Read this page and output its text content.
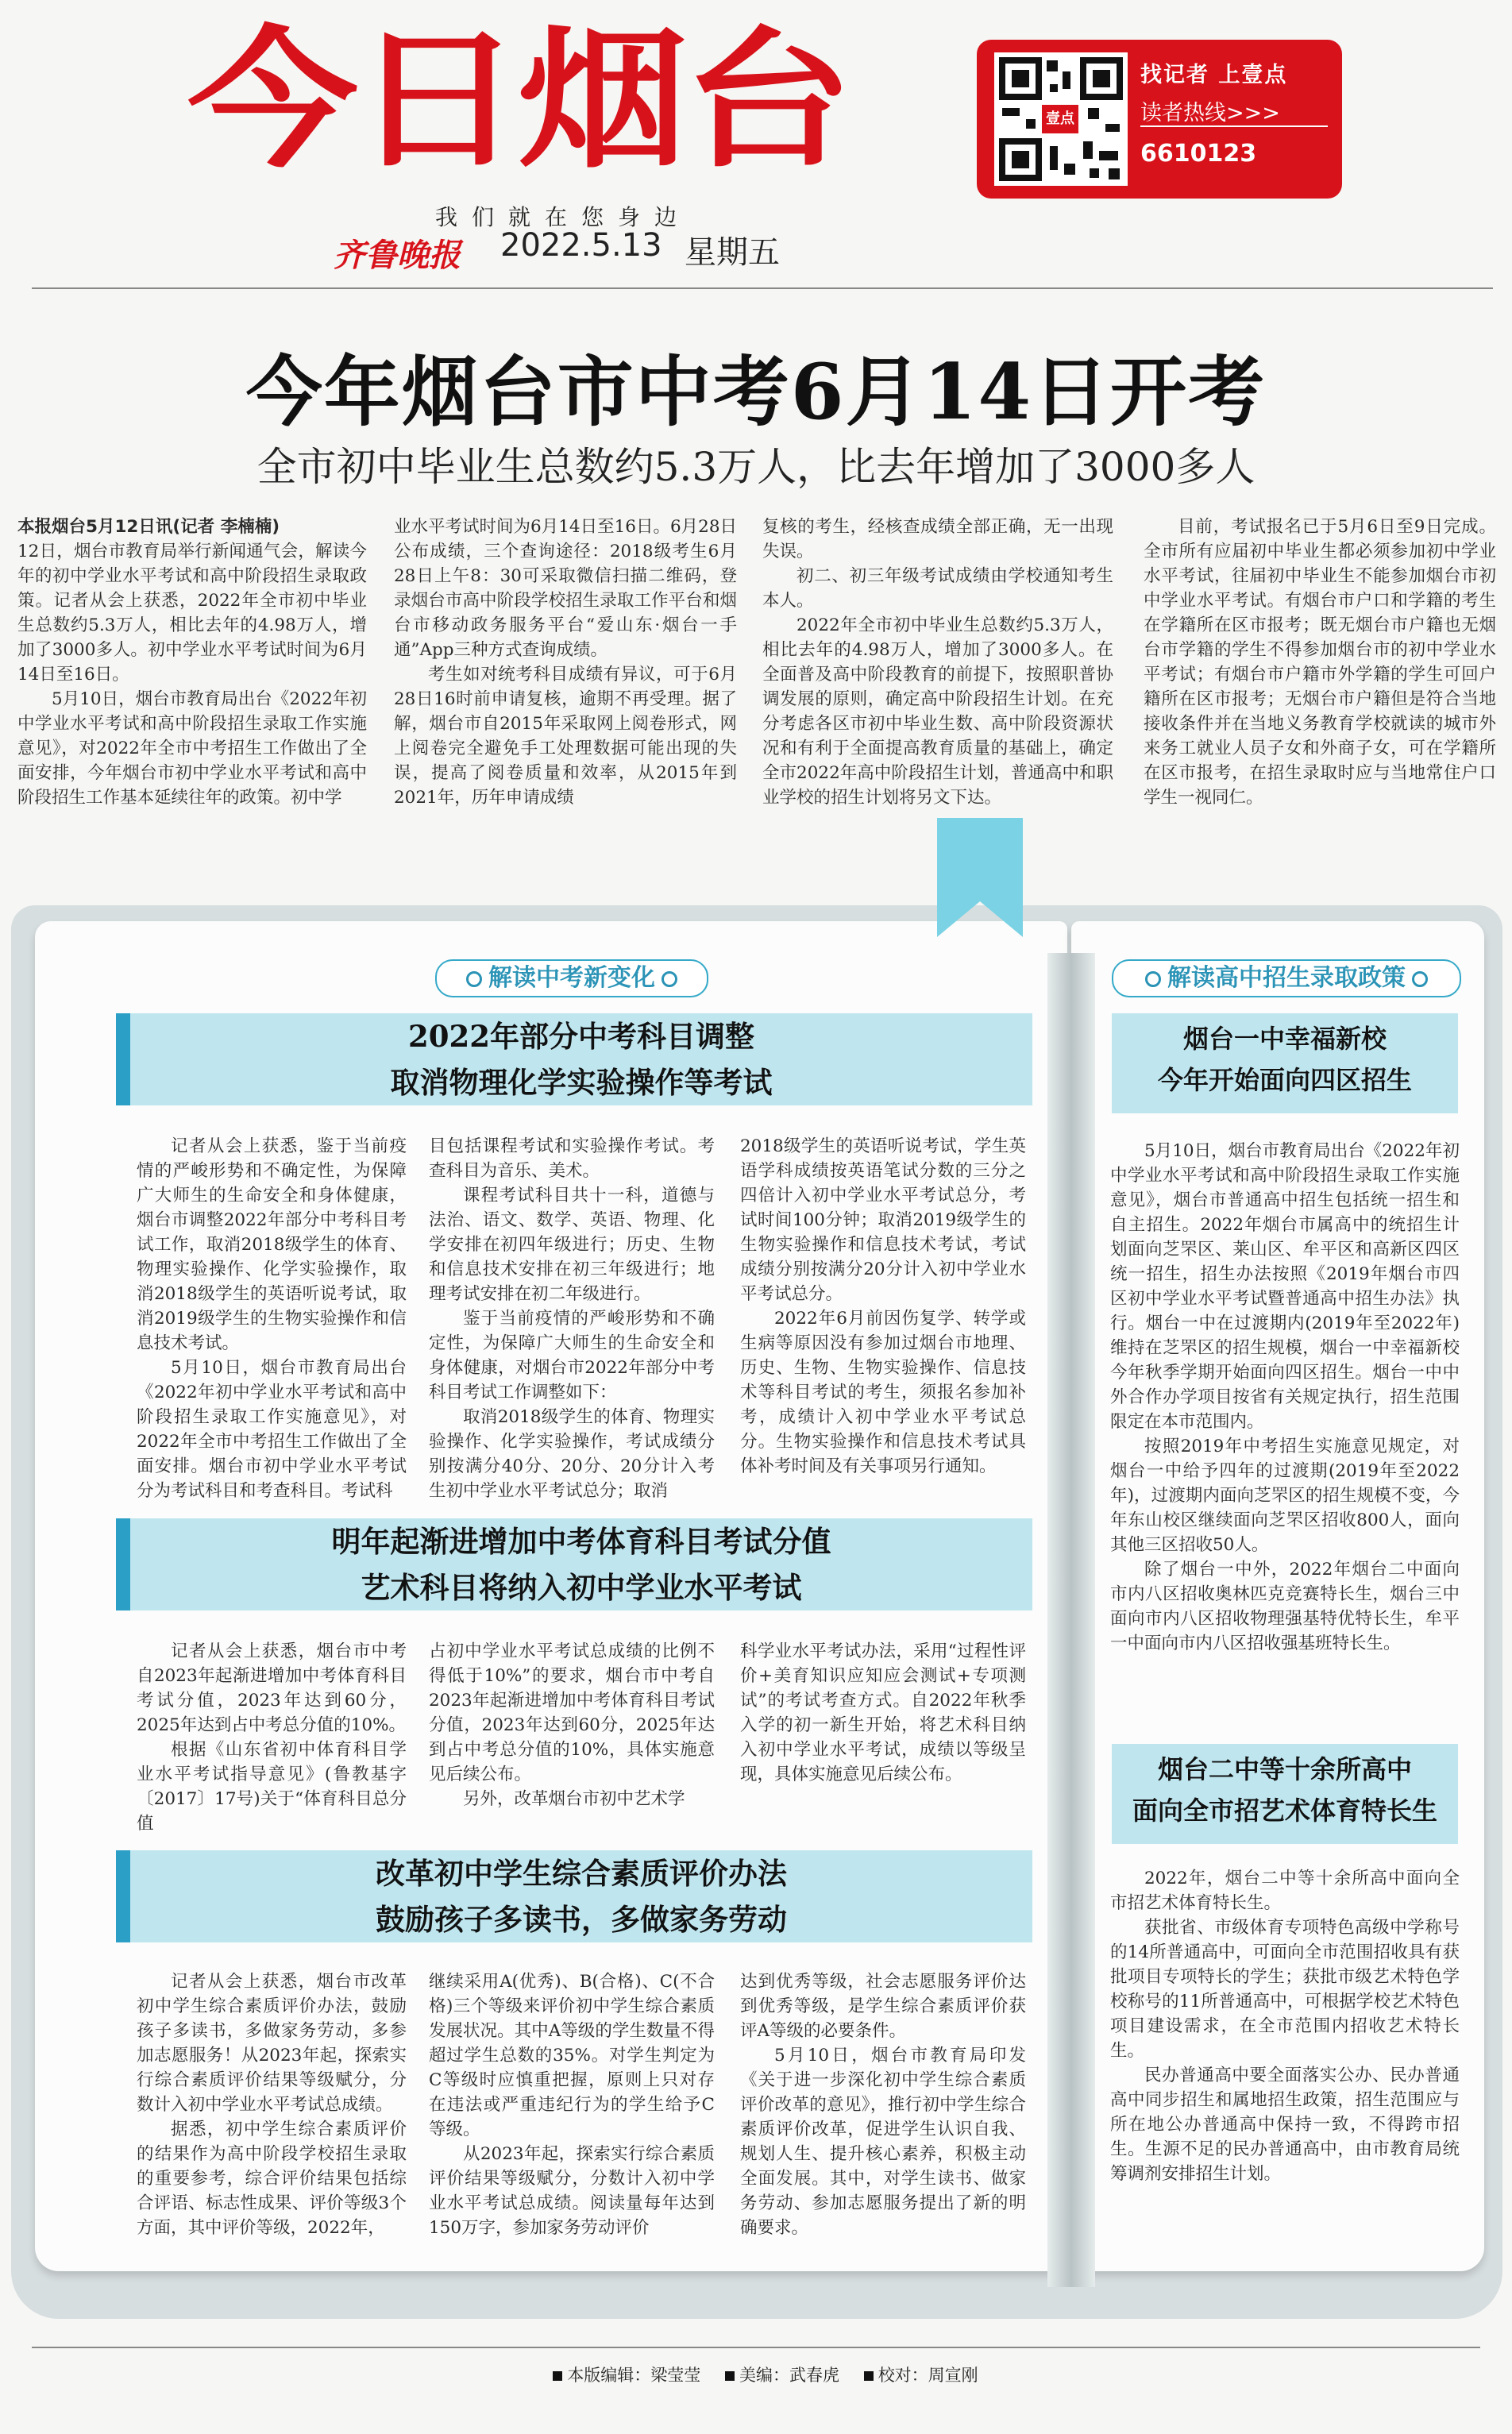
今日烟台
我们就在您身边
齐鲁晚报 2022.5.13 星期五
壹点
找记者 上壹点
读者热线>>>
6610123
今年烟台市中考6月14日开考
全市初中毕业生总数约5.3万人，比去年增加了3000多人

本报烟台5月12日讯(记者 李楠楠)

12日，烟台市教育局举行新闻通气会，解读今年的初中学业水平考试和高中阶段招生录取政策。记者从会上获悉，2022年全市初中毕业生总数约5.3万人，相比去年的4.98万人，增加了3000多人。初中学业水平考试时间为6月14日至16日。

5月10日，烟台市教育局出台《2022年初中学业水平考试和高中阶段招生录取工作实施意见》，对2022年全市中考招生工作做出了全面安排，今年烟台市初中学业水平考试和高中阶段招生工作基本延续往年的政策。初中学

业水平考试时间为6月14日至16日。6月28日公布成绩，三个查询途径：2018级考生6月28日上午8：30可采取微信扫描二维码，登录烟台市高中阶段学校招生录取工作平台和烟台市移动政务服务平台“爱山东·烟台一手通”App三种方式查询成绩。

考生如对统考科目成绩有异议，可于6月28日16时前申请复核，逾期不再受理。据了解，烟台市自2015年采取网上阅卷形式，网上阅卷完全避免手工处理数据可能出现的失误，提高了阅卷质量和效率，从2015年到2021年，历年申请成绩

复核的考生，经核查成绩全部正确，无一出现失误。

初二、初三年级考试成绩由学校通知考生本人。

2022年全市初中毕业生总数约5.3万人，相比去年的4.98万人，增加了3000多人。在全面普及高中阶段教育的前提下，按照职普协调发展的原则，确定高中阶段招生计划。在充分考虑各区市初中毕业生数、高中阶段资源状况和有利于全面提高教育质量的基础上，确定全市2022年高中阶段招生计划，普通高中和职业学校的招生计划将另文下达。

目前，考试报名已于5月6日至9日完成。全市所有应届初中毕业生都必须参加初中学业水平考试，往届初中毕业生不能参加烟台市初中学业水平考试。有烟台市户口和学籍的考生在学籍所在区市报考；既无烟台市户籍也无烟台市学籍的学生不得参加烟台市的初中学业水平考试；有烟台市户籍市外学籍的学生可回户籍所在区市报考；无烟台市户籍但是符合当地接收条件并在当地义务教育学校就读的城市外来务工就业人员子女和外商子女，可在学籍所在区市报考，在招生录取时应与当地常住户口学生一视同仁。

解读中考新变化
2022年部分中考科目调整
取消物理化学实验操作等考试

记者从会上获悉，鉴于当前疫情的严峻形势和不确定性，为保障广大师生的生命安全和身体健康，烟台市调整2022年部分中考科目考试工作，取消2018级学生的体育、物理实验操作、化学实验操作，取消2018级学生的英语听说考试，取消2019级学生的生物实验操作和信息技术考试。

5月10日，烟台市教育局出台《2022年初中学业水平考试和高中阶段招生录取工作实施意见》，对2022年全市中考招生工作做出了全面安排。烟台市初中学业水平考试分为考试科目和考查科目。考试科

目包括课程考试和实验操作考试。考查科目为音乐、美术。

课程考试科目共十一科，道德与法治、语文、数学、英语、物理、化学安排在初四年级进行；历史、生物和信息技术安排在初三年级进行；地理考试安排在初二年级进行。

鉴于当前疫情的严峻形势和不确定性，为保障广大师生的生命安全和身体健康，对烟台市2022年部分中考科目考试工作调整如下：

取消2018级学生的体育、物理实验操作、化学实验操作，考试成绩分别按满分40分、20分、20分计入考生初中学业水平考试总分；取消

2018级学生的英语听说考试，学生英语学科成绩按英语笔试分数的三分之四倍计入初中学业水平考试总分，考试时间100分钟；取消2019级学生的生物实验操作和信息技术考试，考试成绩分别按满分20分计入初中学业水平考试总分。

2022年6月前因伤复学、转学或生病等原因没有参加过烟台市地理、历史、生物、生物实验操作、信息技术等科目考试的考生，须报名参加补考，成绩计入初中学业水平考试总分。生物实验操作和信息技术考试具体补考时间及有关事项另行通知。

明年起渐进增加中考体育科目考试分值
艺术科目将纳入初中学业水平考试

记者从会上获悉，烟台市中考自2023年起渐进增加中考体育科目考试分值，2023年达到60分，2025年达到占中考总分值的10%。

根据《山东省初中体育科目学业水平考试指导意见》(鲁教基字〔2017〕17号)关于“体育科目总分值

占初中学业水平考试总成绩的比例不得低于10%”的要求，烟台市中考自2023年起渐进增加中考体育科目考试分值，2023年达到60分，2025年达到占中考总分值的10%，具体实施意见后续公布。

另外，改革烟台市初中艺术学

科学业水平考试办法，采用“过程性评价+美育知识应知应会测试+专项测试”的考试考查方式。自2022年秋季入学的初一新生开始，将艺术科目纳入初中学业水平考试，成绩以等级呈现，具体实施意见后续公布。

改革初中学生综合素质评价办法
鼓励孩子多读书，多做家务劳动

记者从会上获悉，烟台市改革初中学生综合素质评价办法，鼓励孩子多读书，多做家务劳动，多参加志愿服务！从2023年起，探索实行综合素质评价结果等级赋分，分数计入初中学业水平考试总成绩。

据悉，初中学生综合素质评价的结果作为高中阶段学校招生录取的重要参考，综合评价结果包括综合评语、标志性成果、评价等级3个方面，其中评价等级，2022年，

继续采用A(优秀)、B(合格)、C(不合格)三个等级来评价初中学生综合素质发展状况。其中A等级的学生数量不得超过学生总数的35%。对学生判定为C等级时应慎重把握，原则上只对存在违法或严重违纪行为的学生给予C等级。

从2023年起，探索实行综合素质评价结果等级赋分，分数计入初中学业水平考试总成绩。阅读量每年达到150万字，参加家务劳动评价

达到优秀等级，社会志愿服务评价达到优秀等级，是学生综合素质评价获评A等级的必要条件。

5月10日，烟台市教育局印发《关于进一步深化初中学生综合素质评价改革的意见》，推行初中学生综合素质评价改革，促进学生认识自我、规划人生、提升核心素养，积极主动全面发展。其中，对学生读书、做家务劳动、参加志愿服务提出了新的明确要求。

解读高中招生录取政策
烟台一中幸福新校
今年开始面向四区招生

5月10日，烟台市教育局出台《2022年初中学业水平考试和高中阶段招生录取工作实施意见》，烟台市普通高中招生包括统一招生和自主招生。2022年烟台市属高中的统招生计划面向芝罘区、莱山区、牟平区和高新区四区统一招生，招生办法按照《2019年烟台市四区初中学业水平考试暨普通高中招生办法》执行。烟台一中在过渡期内(2019年至2022年)维持在芝罘区的招生规模，烟台一中幸福新校今年秋季学期开始面向四区招生。烟台一中中外合作办学项目按省有关规定执行，招生范围限定在本市范围内。

按照2019年中考招生实施意见规定，对烟台一中给予四年的过渡期(2019年至2022年)，过渡期内面向芝罘区的招生规模不变，今年东山校区继续面向芝罘区招收800人，面向其他三区招收50人。

除了烟台一中外，2022年烟台二中面向市内八区招收奥林匹克竞赛特长生，烟台三中面向市内八区招收物理强基特优特长生，牟平一中面向市内八区招收强基班特长生。

烟台二中等十余所高中
面向全市招艺术体育特长生

2022年，烟台二中等十余所高中面向全市招艺术体育特长生。

获批省、市级体育专项特色高级中学称号的14所普通高中，可面向全市范围招收具有获批项目专项特长的学生；获批市级艺术特色学校称号的11所普通高中，可根据学校艺术特色项目建设需求，在全市范围内招收艺术特长生。

民办普通高中要全面落实公办、民办普通高中同步招生和属地招生政策，招生范围应与所在地公办普通高中保持一致，不得跨市招生。生源不足的民办普通高中，由市教育局统筹调剂安排招生计划。

本版编辑：梁莹莹 美编：武春虎 校对：周宣刚
